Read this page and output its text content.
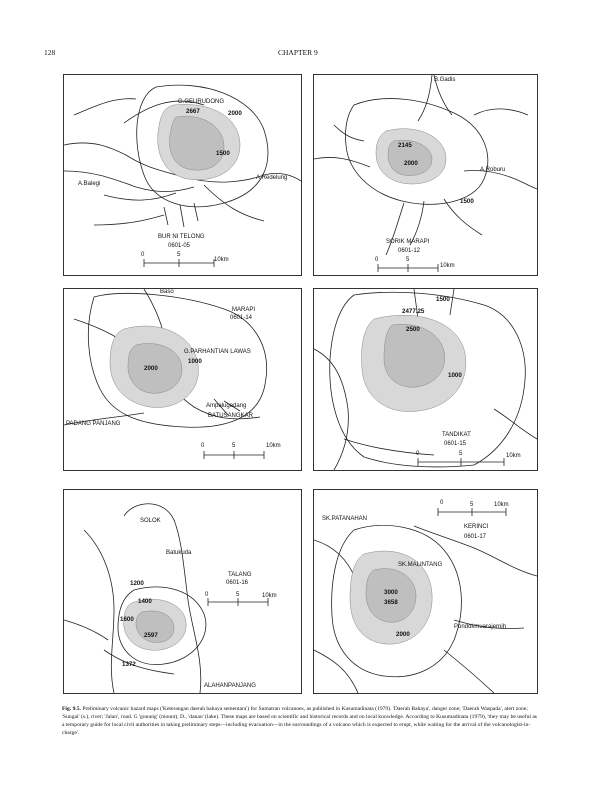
128	CHAPTER 9
G.GEURUDONG
2667	2000
1500
A.Balegi
A.Redelung
BUR NI TELONG
0601-05
0	5
10km
B.Gadis
2145
2000
A.Roburu
1500
SORIK MARAPI
0601-12
0	5
10km
Baso
MARAPI
0601-14
G.PARHANTIAN LAWAS
1000
2000
Ampalugadang
BATUSANGKAR
PADANG PANJANG
0	5	10km
1500
2477.25
2500
1000
TANDIKAT
0601-15
0	5	10km
SOLOK
Batukuda
TALANG
0601-16
1200
1400
1600
2597
1372
ALAHANPANJANG
0	5	10km
0	5	10km
SK.PATANAHAN
KERINCI
0601-17
SK.MALINTANG
3000
3658
Pondokmuarajernih
2000
Fig. 9.5. Preliminary volcanic hazard maps ('Keterangan daerah bahaya sementara') for Sumatran volcanoes, as published in Kusumadinata (1979). 'Daerah Bahaya', danger zone; 'Daerah Waspada', alert zone; 'Sungai' (s.), river; 'Jalan', road. G 'gunung' (mount), D., 'danau' (lake). These maps are based on scientific and historical records and on local knowledge. According to Kusumadinata (1979), 'they may be useful as a temporary guide for local civil authorities in taking preliminary steps—including evacuation—in the surroundings of a volcano which is expected to erupt, while waiting for the arrival of the volcanologist-in-charge'.
